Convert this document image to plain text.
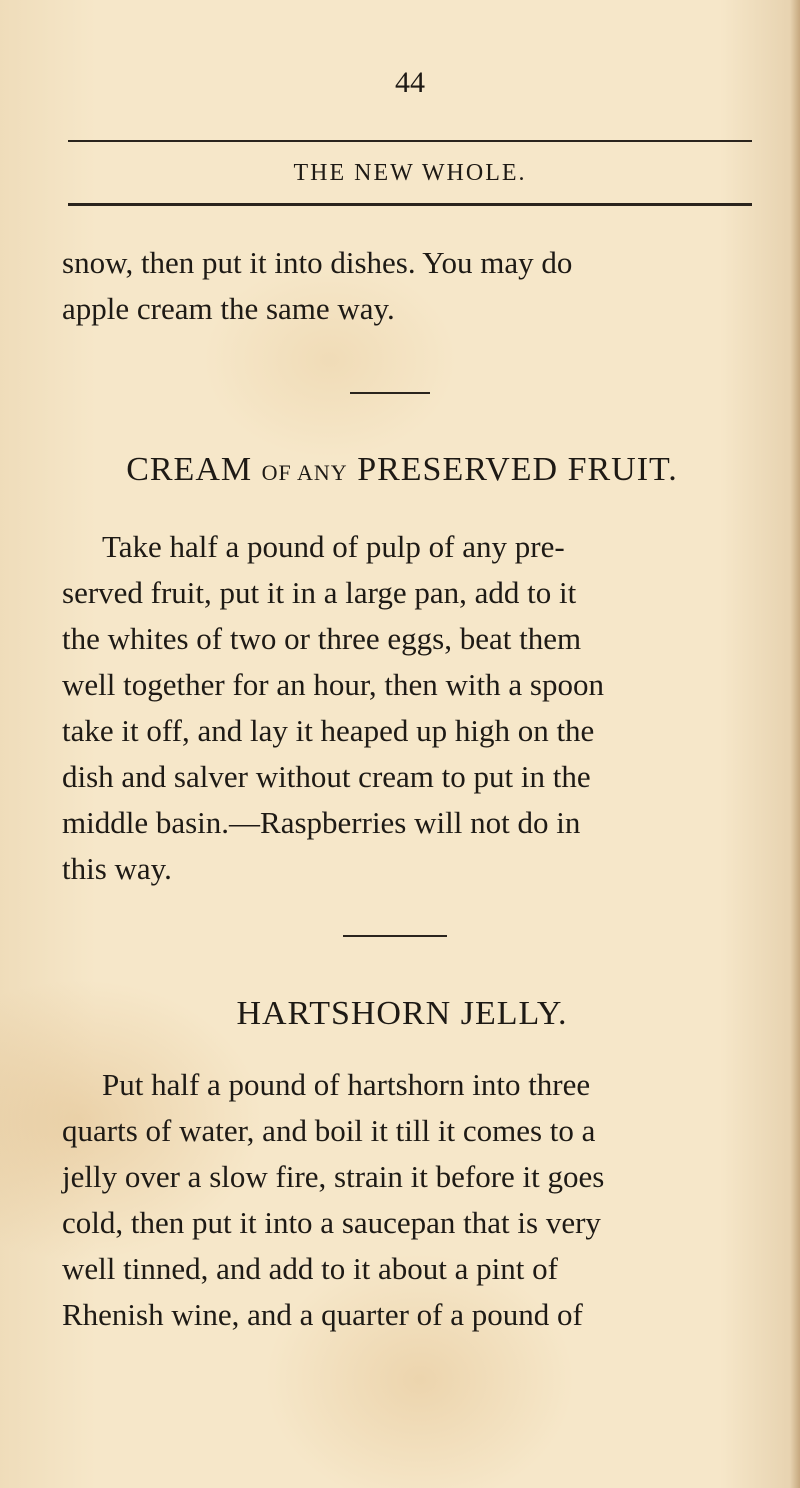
44
THE NEW WHOLE.
snow, then put it into dishes. You may do
apple cream the same way.
CREAM OF ANY PRESERVED FRUIT.
Take half a pound of pulp of any pre-
served fruit, put it in a large pan, add to it
the whites of two or three eggs, beat them
well together for an hour, then with a spoon
take it off, and lay it heaped up high on the
dish and salver without cream to put in the
middle basin.—Raspberries will not do in
this way.
HARTSHORN JELLY.
Put half a pound of hartshorn into three
quarts of water, and boil it till it comes to a
jelly over a slow fire, strain it before it goes
cold, then put it into a saucepan that is very
well tinned, and add to it about a pint of
Rhenish wine, and a quarter of a pound of
